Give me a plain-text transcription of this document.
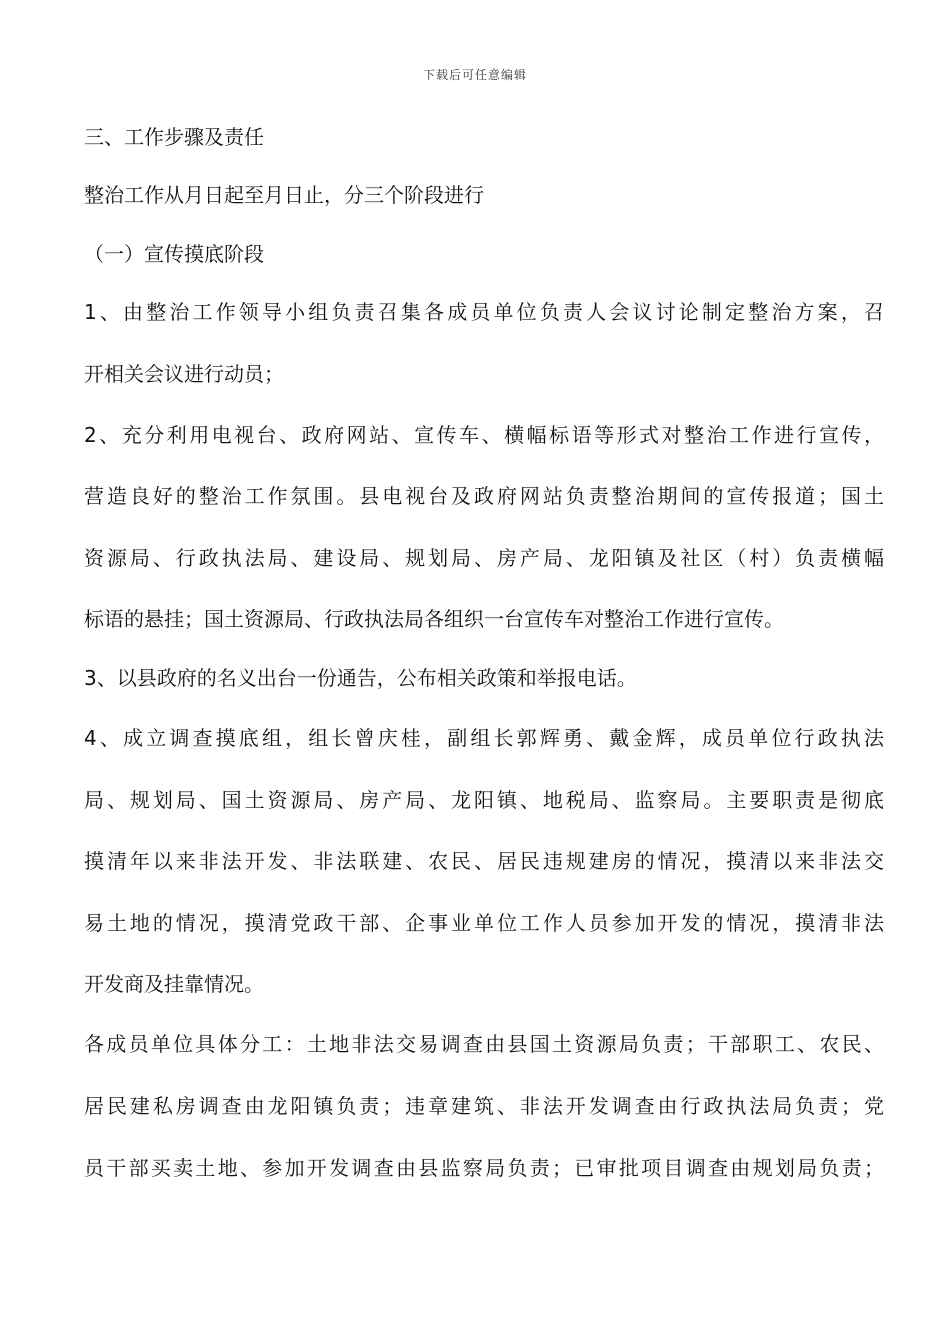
下载后可任意编辑
三、工作步骤及责任
整治工作从月日起至月日止，分三个阶段进行
（一）宣传摸底阶段
1、由整治工作领导小组负责召集各成员单位负责人会议讨论制定整治方案，召
开相关会议进行动员；
2、充分利用电视台、政府网站、宣传车、横幅标语等形式对整治工作进行宣传，
营造良好的整治工作氛围。县电视台及政府网站负责整治期间的宣传报道；国土
资源局、行政执法局、建设局、规划局、房产局、龙阳镇及社区（村）负责横幅
标语的悬挂；国土资源局、行政执法局各组织一台宣传车对整治工作进行宣传。
3、以县政府的名义出台一份通告，公布相关政策和举报电话。
4、成立调查摸底组，组长曾庆桂，副组长郭辉勇、戴金辉，成员单位行政执法
局、规划局、国土资源局、房产局、龙阳镇、地税局、监察局。主要职责是彻底
摸清年以来非法开发、非法联建、农民、居民违规建房的情况，摸清以来非法交
易土地的情况，摸清党政干部、企事业单位工作人员参加开发的情况，摸清非法
开发商及挂靠情况。
各成员单位具体分工：土地非法交易调查由县国土资源局负责；干部职工、农民、
居民建私房调查由龙阳镇负责；违章建筑、非法开发调查由行政执法局负责；党
员干部买卖土地、参加开发调查由县监察局负责；已审批项目调查由规划局负责；
